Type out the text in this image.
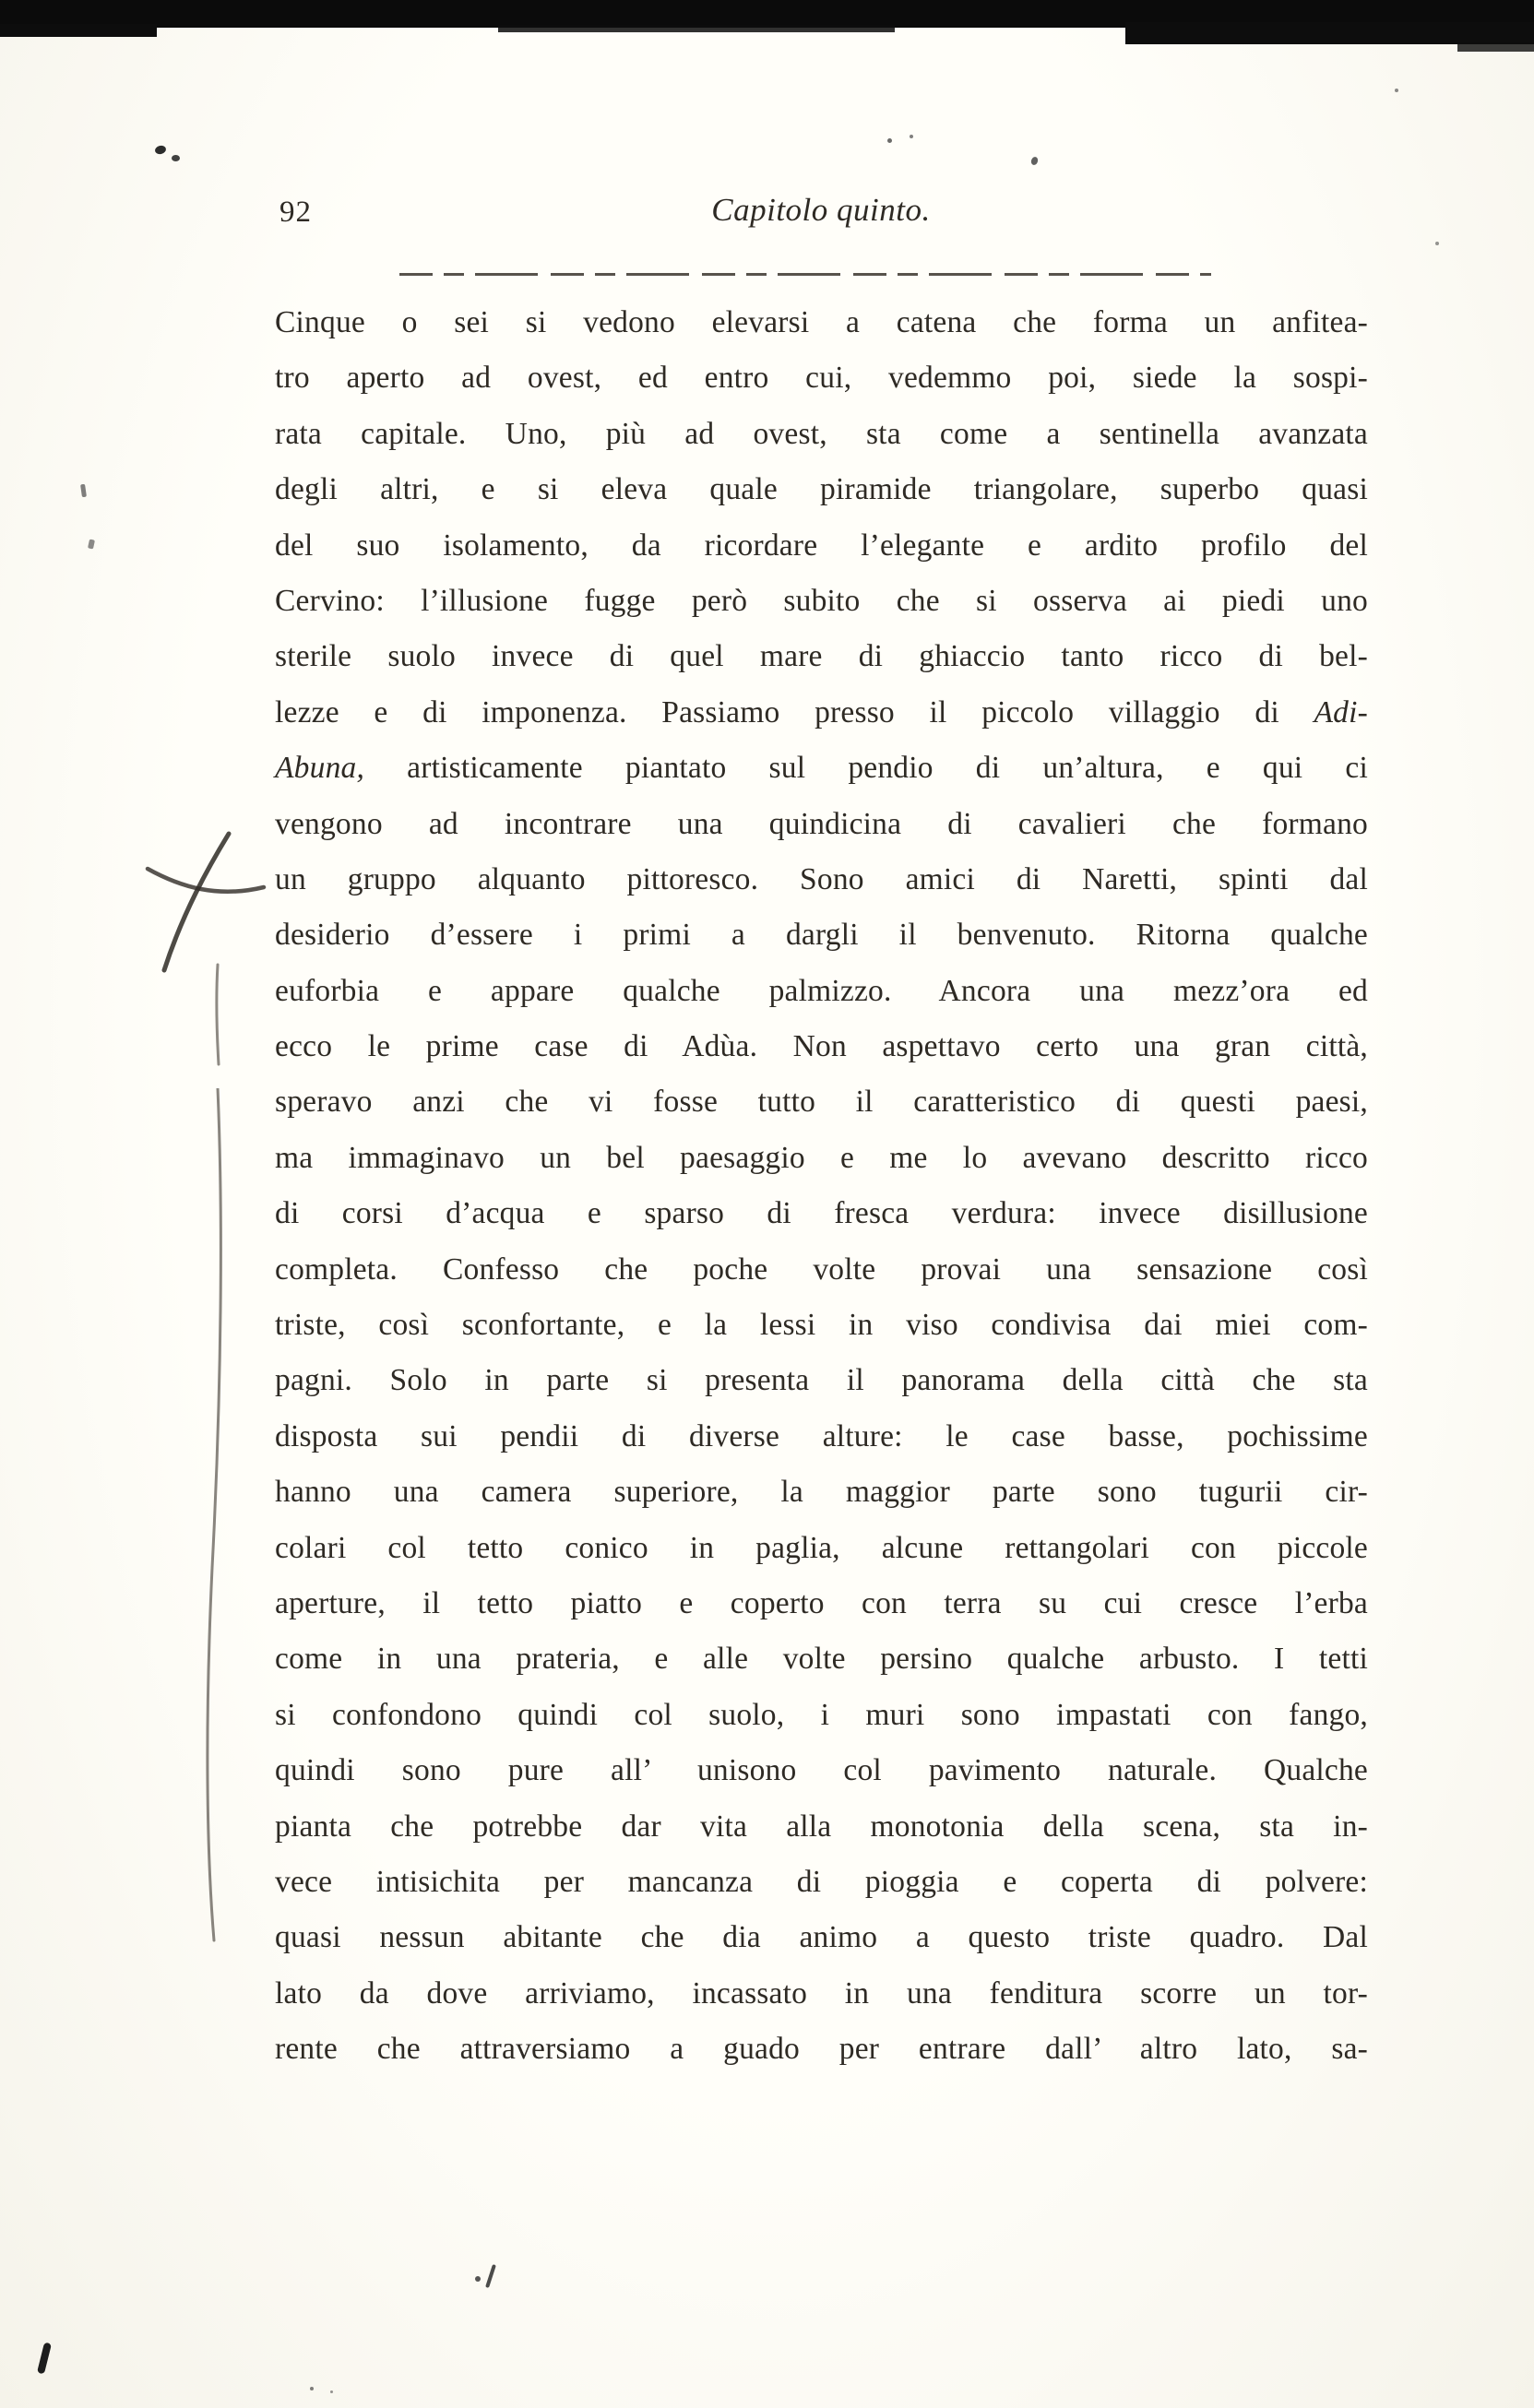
92	Capitolo quinto.
Cinque o sei si vedono elevarsi a catena che forma un anfitea-
tro aperto ad ovest, ed entro cui, vedemmo poi, siede la sospi-
rata capitale. Uno, più ad ovest, sta come a sentinella avanzata
degli altri, e si eleva quale piramide triangolare, superbo quasi
del suo isolamento, da ricordare l’elegante e ardito profilo del
Cervino: l’illusione fugge però subito che si osserva ai piedi uno
sterile suolo invece di quel mare di ghiaccio tanto ricco di bel-
lezze e di imponenza. Passiamo presso il piccolo villaggio di Adi-
Abuna, artisticamente piantato sul pendio di un’altura, e qui ci
vengono ad incontrare una quindicina di cavalieri che formano
un gruppo alquanto pittoresco. Sono amici di Naretti, spinti dal
desiderio d’essere i primi a dargli il benvenuto. Ritorna qualche
euforbia e appare qualche palmizzo. Ancora una mezz’ora ed
ecco le prime case di Adùa. Non aspettavo certo una gran città,
speravo anzi che vi fosse tutto il caratteristico di questi paesi,
ma immaginavo un bel paesaggio e me lo avevano descritto ricco
di corsi d’acqua e sparso di fresca verdura: invece disillusione
completa. Confesso che poche volte provai una sensazione così
triste, così sconfortante, e la lessi in viso condivisa dai miei com-
pagni. Solo in parte si presenta il panorama della città che sta
disposta sui pendii di diverse alture: le case basse, pochissime
hanno una camera superiore, la maggior parte sono tugurii cir-
colari col tetto conico in paglia, alcune rettangolari con piccole
aperture, il tetto piatto e coperto con terra su cui cresce l’erba
come in una prateria, e alle volte persino qualche arbusto. I tetti
si confondono quindi col suolo, i muri sono impastati con fango,
quindi sono pure all’ unisono col pavimento naturale. Qualche
pianta che potrebbe dar vita alla monotonia della scena, sta in-
vece intisichita per mancanza di pioggia e coperta di polvere:
quasi nessun abitante che dia animo a questo triste quadro. Dal
lato da dove arriviamo, incassato in una fenditura scorre un tor-
rente che attraversiamo a guado per entrare dall’ altro lato, sa-
